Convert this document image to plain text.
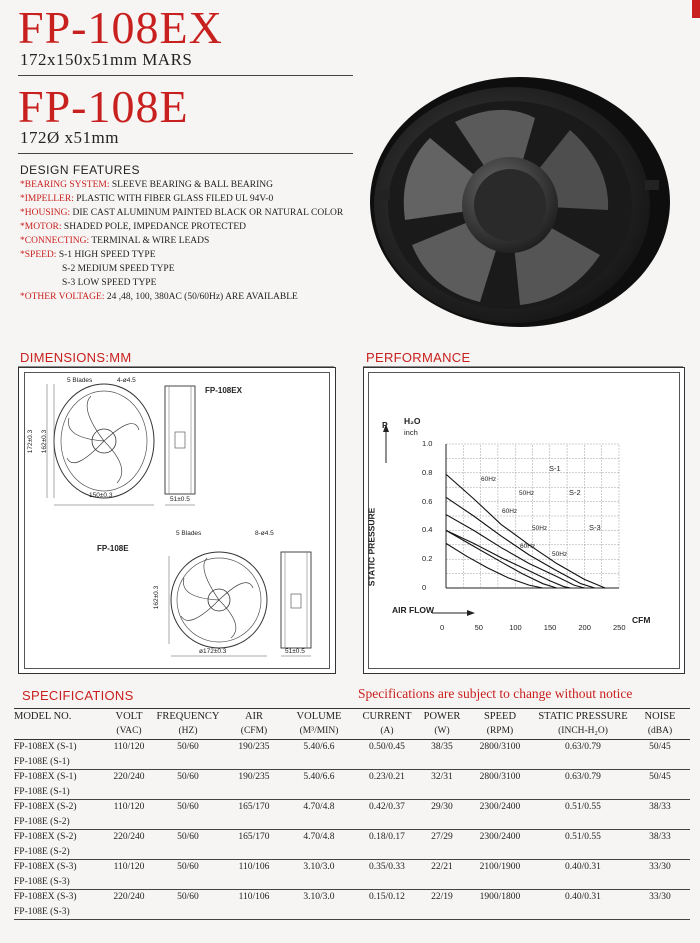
FP-108EX
172x150x51mm MARS
FP-108E
172Ø x51mm
DESIGN FEATURES
*BEARING SYSTEM: SLEEVE BEARING & BALL BEARING
*IMPELLER: PLASTIC WITH FIBER GLASS FILED UL 94V-0
*HOUSING: DIE CAST ALUMINUM PAINTED BLACK OR NATURAL COLOR
*MOTOR: SHADED POLE, IMPEDANCE PROTECTED
*CONNECTING: TERMINAL & WIRE LEADS
*SPEED: S-1 HIGH SPEED TYPE
S-2 MEDIUM SPEED TYPE
S-3 LOW SPEED TYPE
*OTHER VOLTAGE: 24 ,48, 100, 380AC (50/60Hz) ARE AVAILABLE
DIMENSIONS:MM
5 Blades	4-ø4.5
FP-108EX
172±0.3 162±0.3
150±0.3
51±0.5
FP-108E
5 Blades	8-ø4.5
162±0.3
ø172±0.3	51±0.5
PERFORMANCE
P H₂O
inch
STATIC PRESSURE
AIR FLOW
CFM
1.0
0.8
0.6
0.4
0.2
0
0	50	100	150	200	250
S-1
S-2
S-3
60Hz
50Hz
60Hz
50Hz
60Hz
50Hz
SPECIFICATIONS	Specifications are subject to change without notice
MODEL NO.	VOLT	FREQUENCY	AIR	VOLUME	CURRENT	POWER	SPEED	STATIC PRESSURE	NOISE
	(VAC)	(HZ)	(CFM)	(M³/MIN)	(A)	(W)	(RPM)	(INCH-H₂O)	(dBA)
FP-108EX (S-1)	110/120	50/60	190/235	5.40/6.6	0.50/0.45	38/35	2800/3100	0.63/0.79	50/45
FP-108E (S-1)									
FP-108EX (S-1)	220/240	50/60	190/235	5.40/6.6	0.23/0.21	32/31	2800/3100	0.63/0.79	50/45
FP-108E (S-1)									
FP-108EX (S-2)	110/120	50/60	165/170	4.70/4.8	0.42/0.37	29/30	2300/2400	0.51/0.55	38/33
FP-108E (S-2)									
FP-108EX (S-2)	220/240	50/60	165/170	4.70/4.8	0.18/0.17	27/29	2300/2400	0.51/0.55	38/33
FP-108E (S-2)									
FP-108EX (S-3)	110/120	50/60	110/106	3.10/3.0	0.35/0.33	22/21	2100/1900	0.40/0.31	33/30
FP-108E (S-3)									
FP-108EX (S-3)	220/240	50/60	110/106	3.10/3.0	0.15/0.12	22/19	1900/1800	0.40/0.31	33/30
FP-108E (S-3)									
